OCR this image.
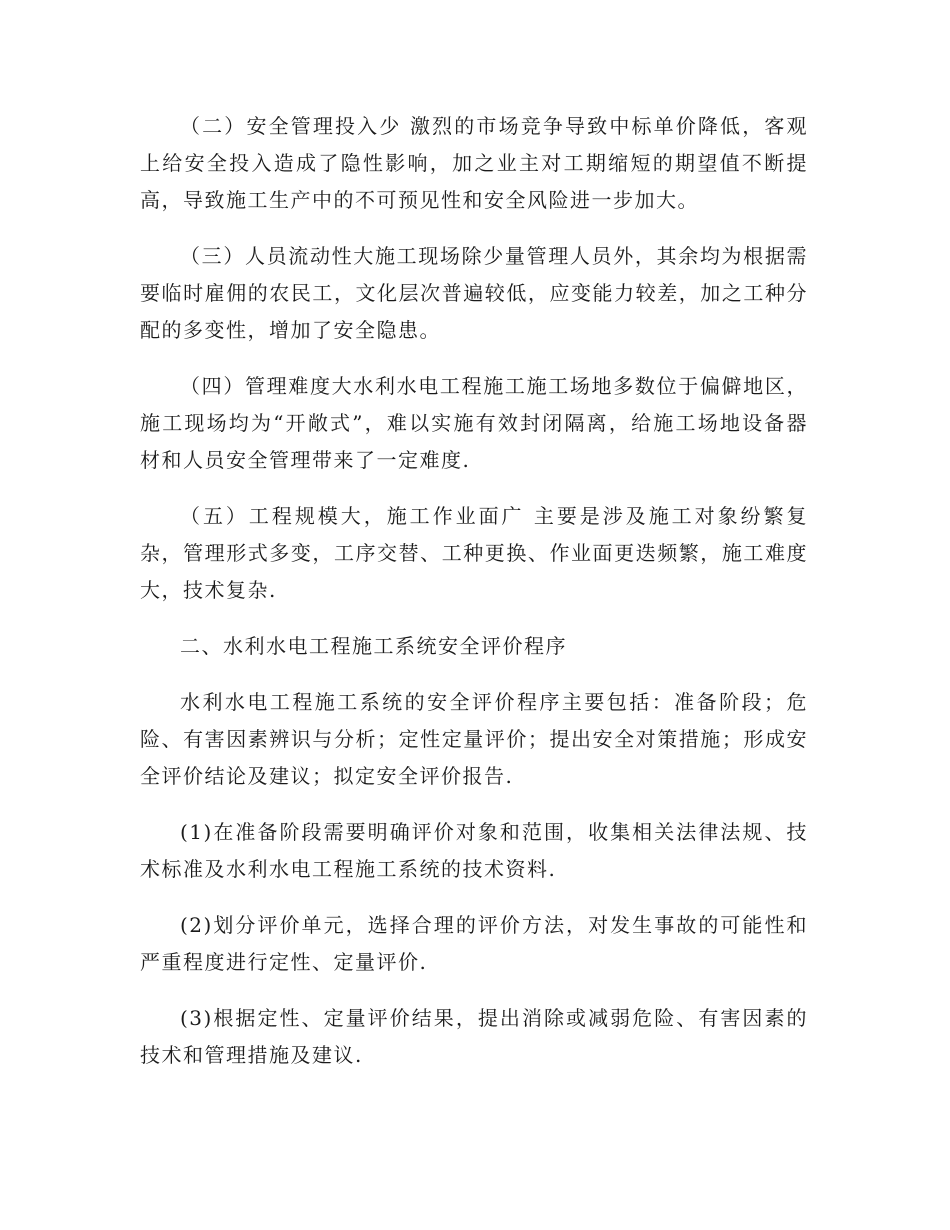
（二）安全管理投入少 激烈的市场竞争导致中标单价降低，客观上给安全投入造成了隐性影响，加之业主对工期缩短的期望值不断提高，导致施工生产中的不可预见性和安全风险进一步加大。

（三）人员流动性大施工现场除少量管理人员外，其余均为根据需要临时雇佣的农民工，文化层次普遍较低，应变能力较差，加之工种分配的多变性，增加了安全隐患。

（四）管理难度大水利水电工程施工施工场地多数位于偏僻地区，施工现场均为“开敞式”，难以实施有效封闭隔离，给施工场地设备器材和人员安全管理带来了一定难度.

（五）工程规模大，施工作业面广 主要是涉及施工对象纷繁复杂，管理形式多变，工序交替、工种更换、作业面更迭频繁，施工难度大，技术复杂.

二、水利水电工程施工系统安全评价程序

水利水电工程施工系统的安全评价程序主要包括：准备阶段；危险、有害因素辨识与分析；定性定量评价；提出安全对策措施；形成安全评价结论及建议；拟定安全评价报告.

(1)在准备阶段需要明确评价对象和范围，收集相关法律法规、技术标准及水利水电工程施工系统的技术资料.

(2)划分评价单元，选择合理的评价方法，对发生事故的可能性和严重程度进行定性、定量评价.

(3)根据定性、定量评价结果，提出消除或减弱危险、有害因素的技术和管理措施及建议.
